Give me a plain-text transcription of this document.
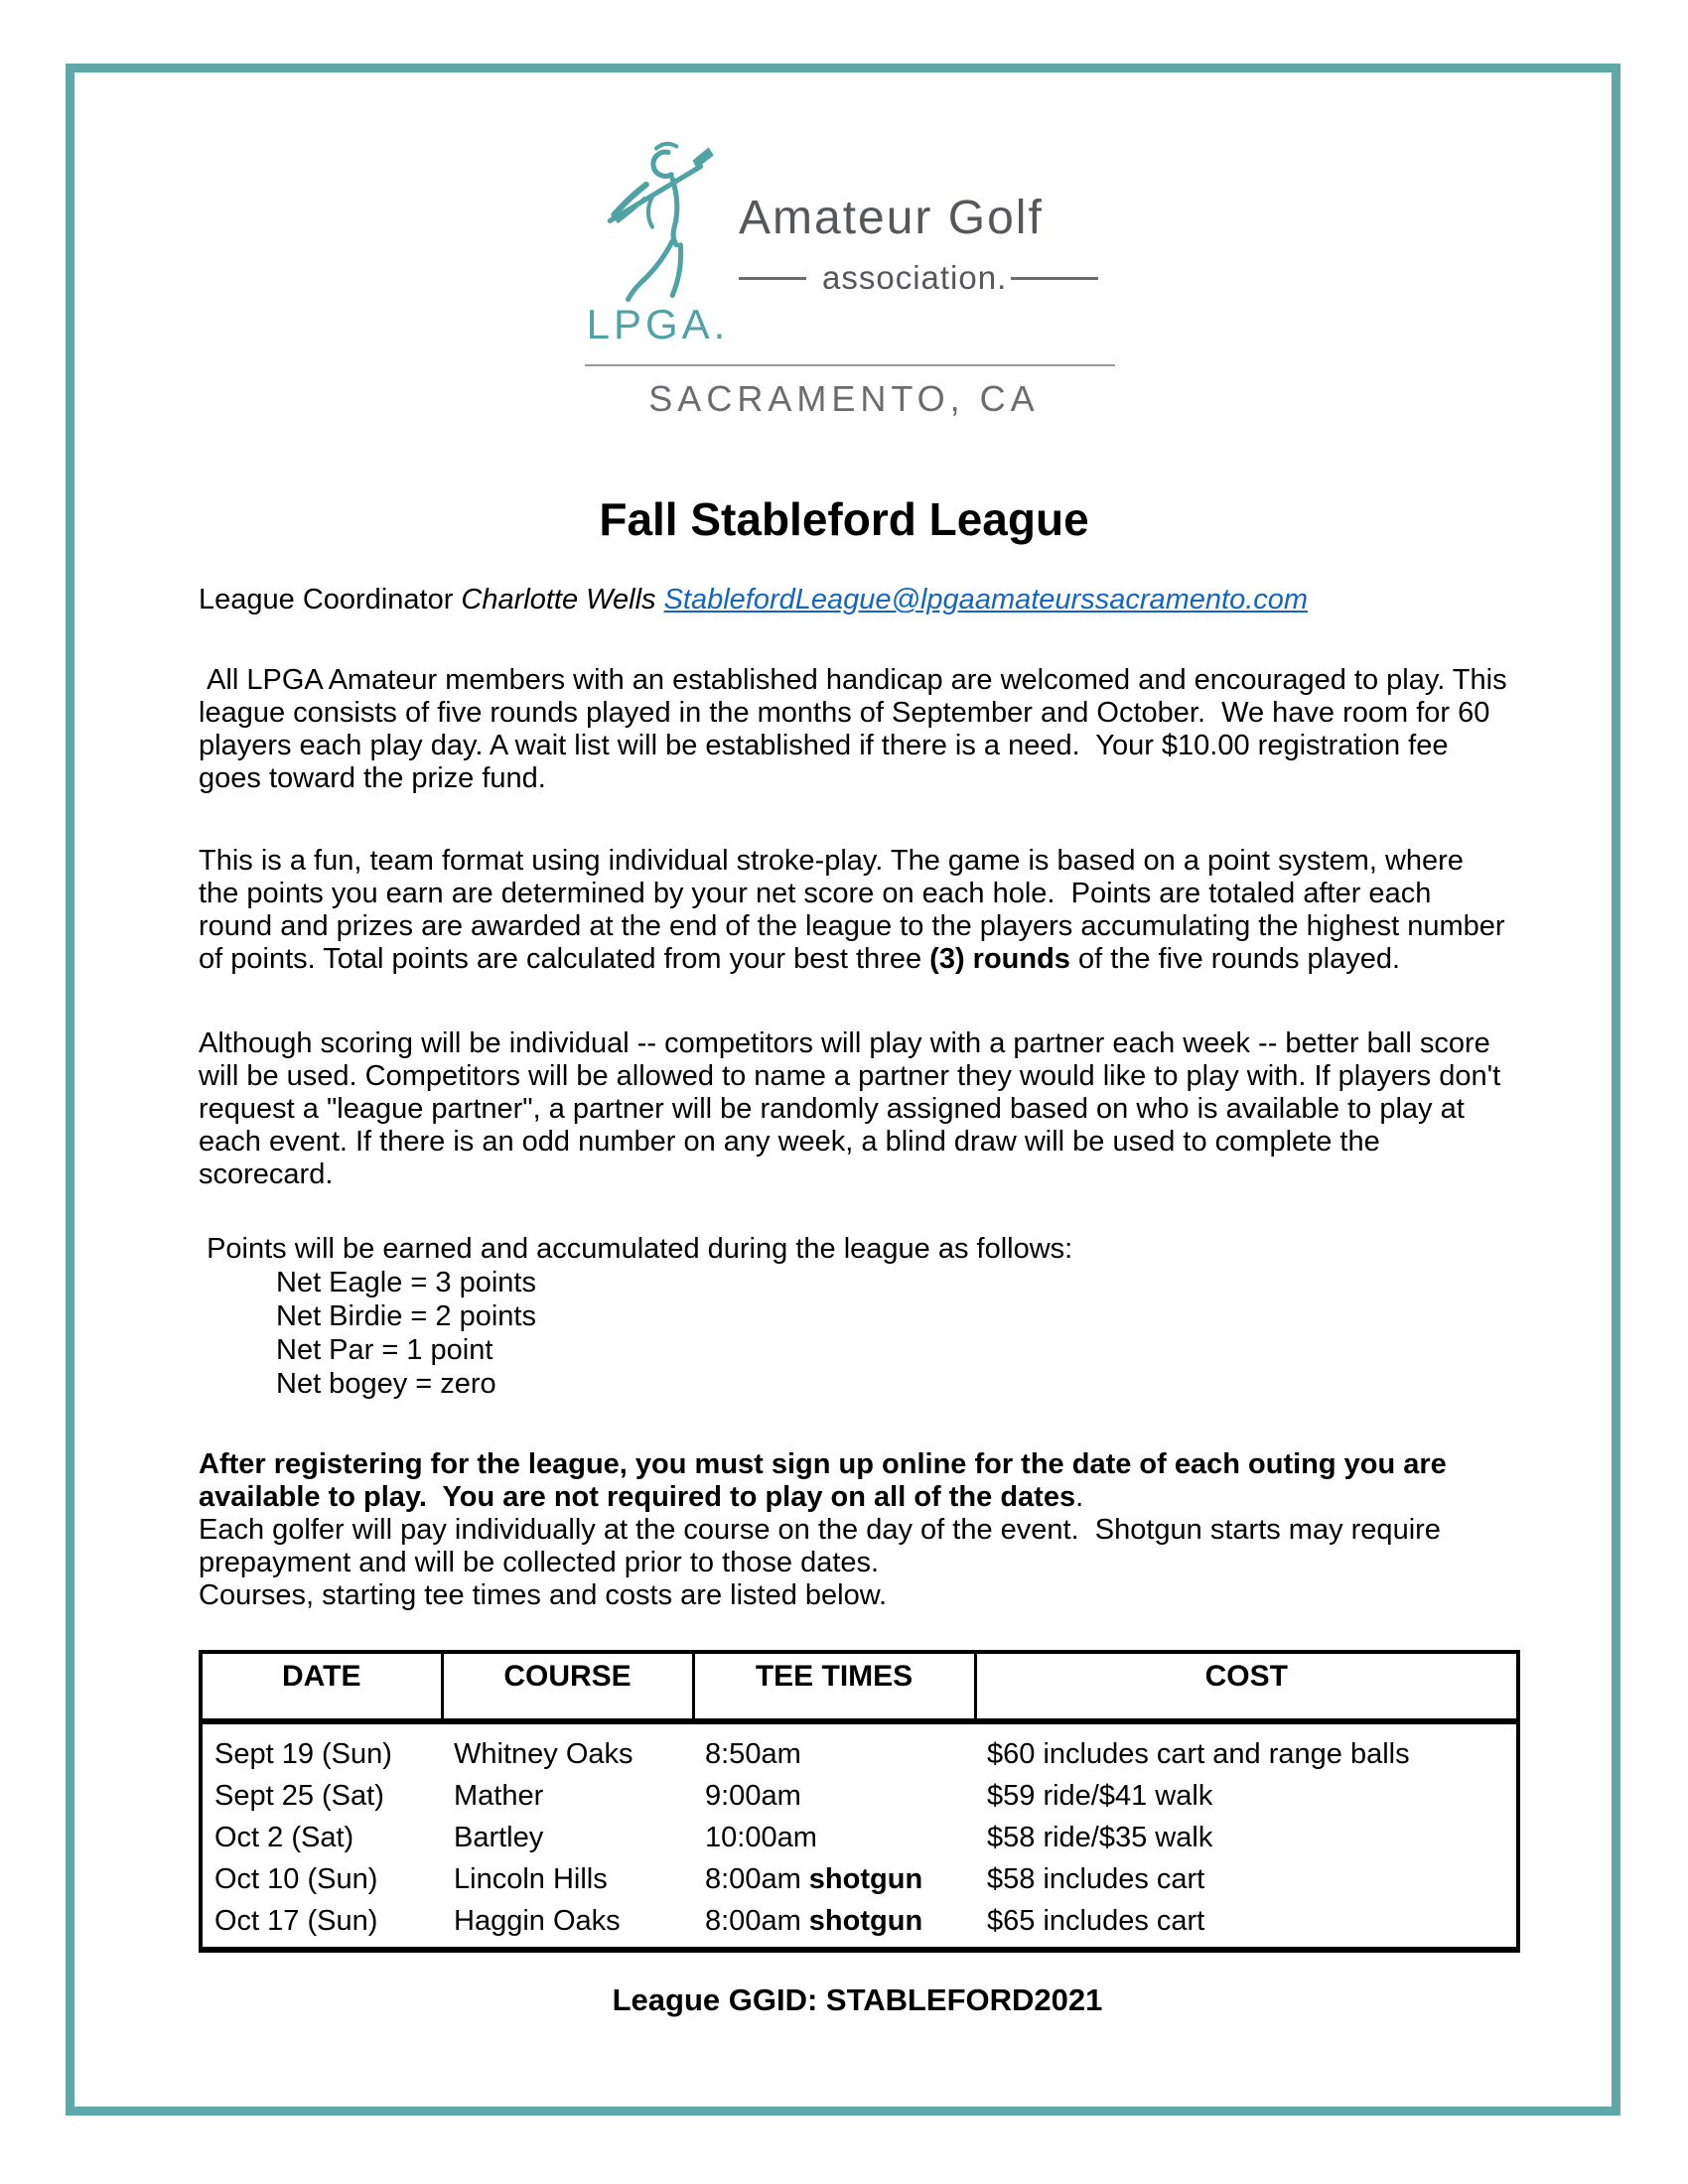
LPGA.
Amateur Golf
association.
SACRAMENTO, CA
Fall Stableford League

League Coordinator Charlotte Wells StablefordLeague@lpgaamateurssacramento.com

All LPGA Amateur members with an established handicap are welcomed and encouraged to play. This league consists of five rounds played in the months of September and October.  We have room for 60 players each play day. A wait list will be established if there is a need.  Your $10.00 registration fee goes toward the prize fund.

This is a fun, team format using individual stroke-play. The game is based on a point system, where the points you earn are determined by your net score on each hole.  Points are totaled after each round and prizes are awarded at the end of the league to the players accumulating the highest number of points. Total points are calculated from your best three (3) rounds of the five rounds played.

Although scoring will be individual -- competitors will play with a partner each week -- better ball score will be used. Competitors will be allowed to name a partner they would like to play with. If players don't request a "league partner", a partner will be randomly assigned based on who is available to play at each event. If there is an odd number on any week, a blind draw will be used to complete the scorecard.

Points will be earned and accumulated during the league as follows:

Net Eagle = 3 points
Net Birdie = 2 points
Net Par = 1 point
Net bogey = zero

After registering for the league, you must sign up online for the date of each outing you are available to play.  You are not required to play on all of the dates.
Each golfer will pay individually at the course on the day of the event.  Shotgun starts may require prepayment and will be collected prior to those dates.
Courses, starting tee times and costs are listed below.

DATE	COURSE	TEE TIMES	COST
Sept 19 (Sun)	Whitney Oaks	8:50am	$60 includes cart and range balls
Sept 25 (Sat)	Mather	9:00am	$59 ride/$41 walk
Oct 2 (Sat)	Bartley	10:00am	$58 ride/$35 walk
Oct 10 (Sun)	Lincoln Hills	8:00am shotgun	$58 includes cart
Oct 17 (Sun)	Haggin Oaks	8:00am shotgun	$65 includes cart
League GGID: STABLEFORD2021
